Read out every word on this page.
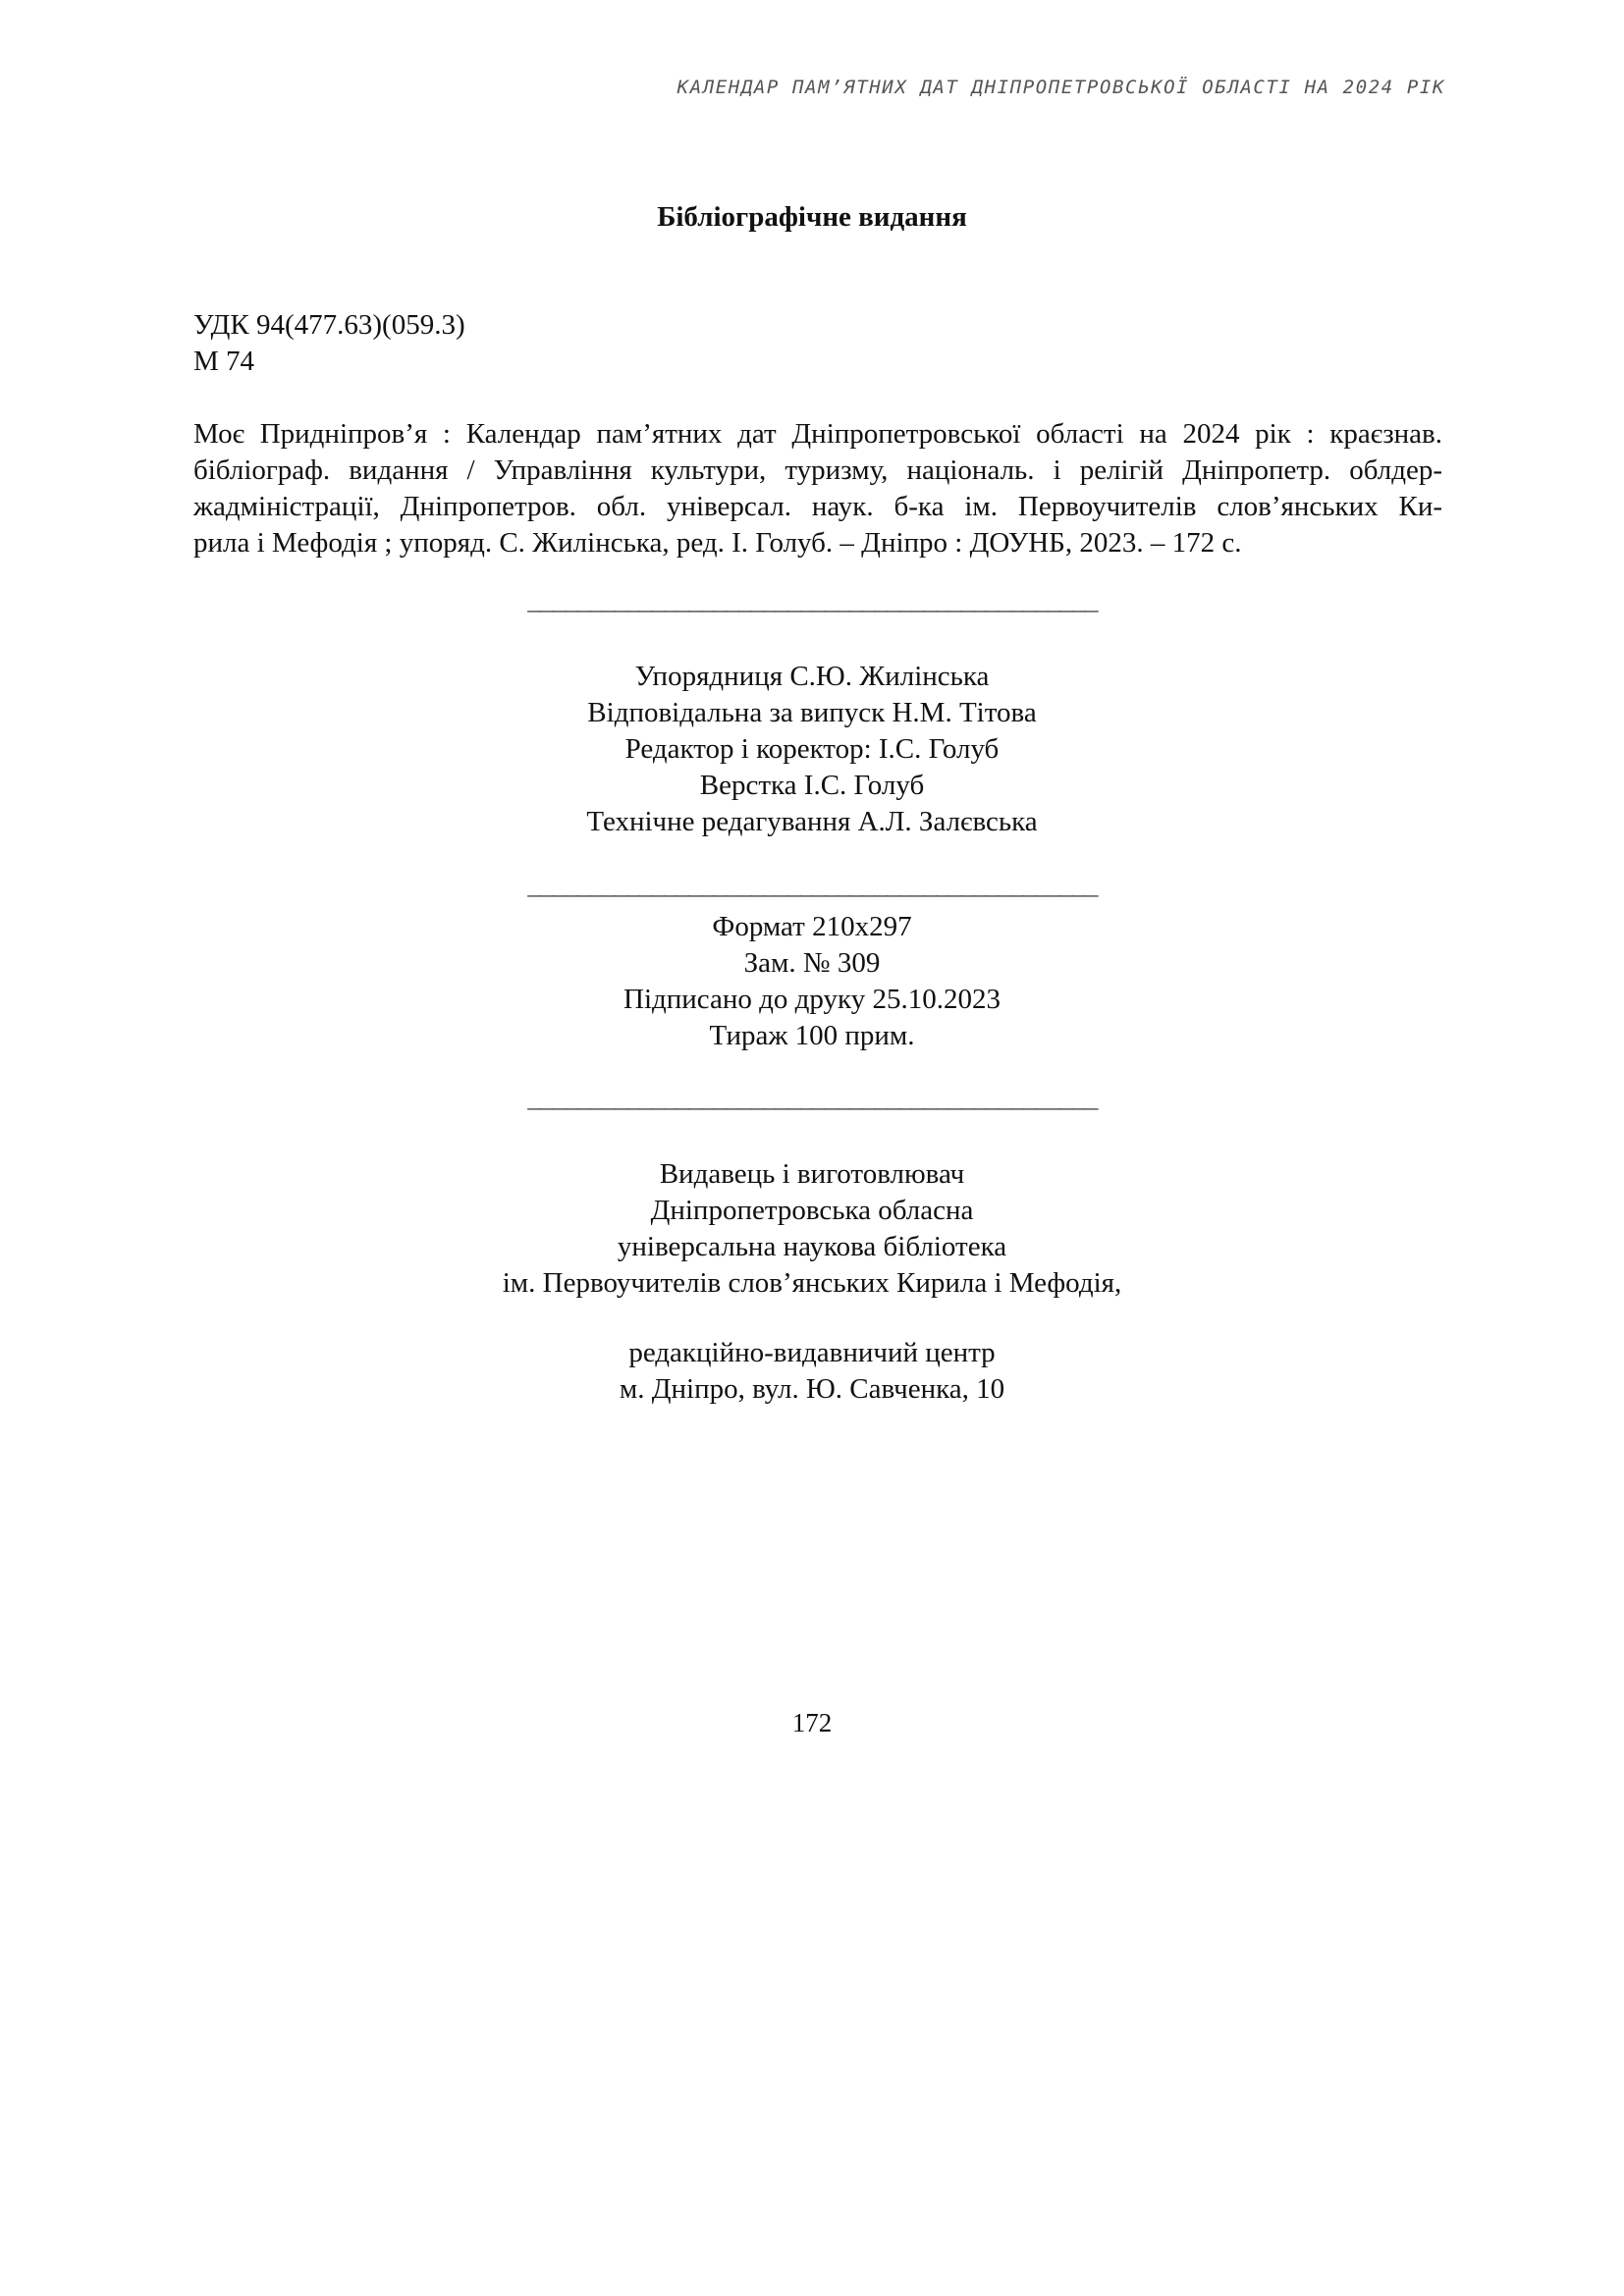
КАЛЕНДАР ПАМ’ЯТНИХ ДАТ ДНІПРОПЕТРОВСЬКОЇ ОБЛАСТІ НА 2024 РІК
Бібліографічне видання
УДК 94(477.63)(059.3)
М 74
Моє Придніпров’я : Календар пам’ятних дат Дніпропетровської області на 2024 рік : краєзнав.
бібліограф. видання / Управління культури, туризму, національ. і релігій Дніпропетр. облдер-
жадміністрації, Дніпропетров. обл. універсал. наук. б-ка ім. Первоучителів слов’янських Ки-
рила і Мефодія ; упоряд. С. Жилінська, ред. І. Голуб. – Дніпро : ДОУНБ, 2023. – 172 с.
______________________________________________
Упорядниця С.Ю. Жилінська
Відповідальна за випуск Н.М. Тітова
Редактор і коректор: І.С. Голуб
Верстка І.С. Голуб
Технічне редагування А.Л. Залєвська
______________________________________________
Формат 210x297
Зам. № 309
Підписано до друку 25.10.2023
Тираж 100 прим.
______________________________________________
Видавець і виготовлювач
Дніпропетровська обласна
універсальна наукова бібліотека
ім. Первоучителів слов’янських Кирила і Мефодія,
редакційно-видавничий центр
м. Дніпро, вул. Ю. Савченка, 10
172
